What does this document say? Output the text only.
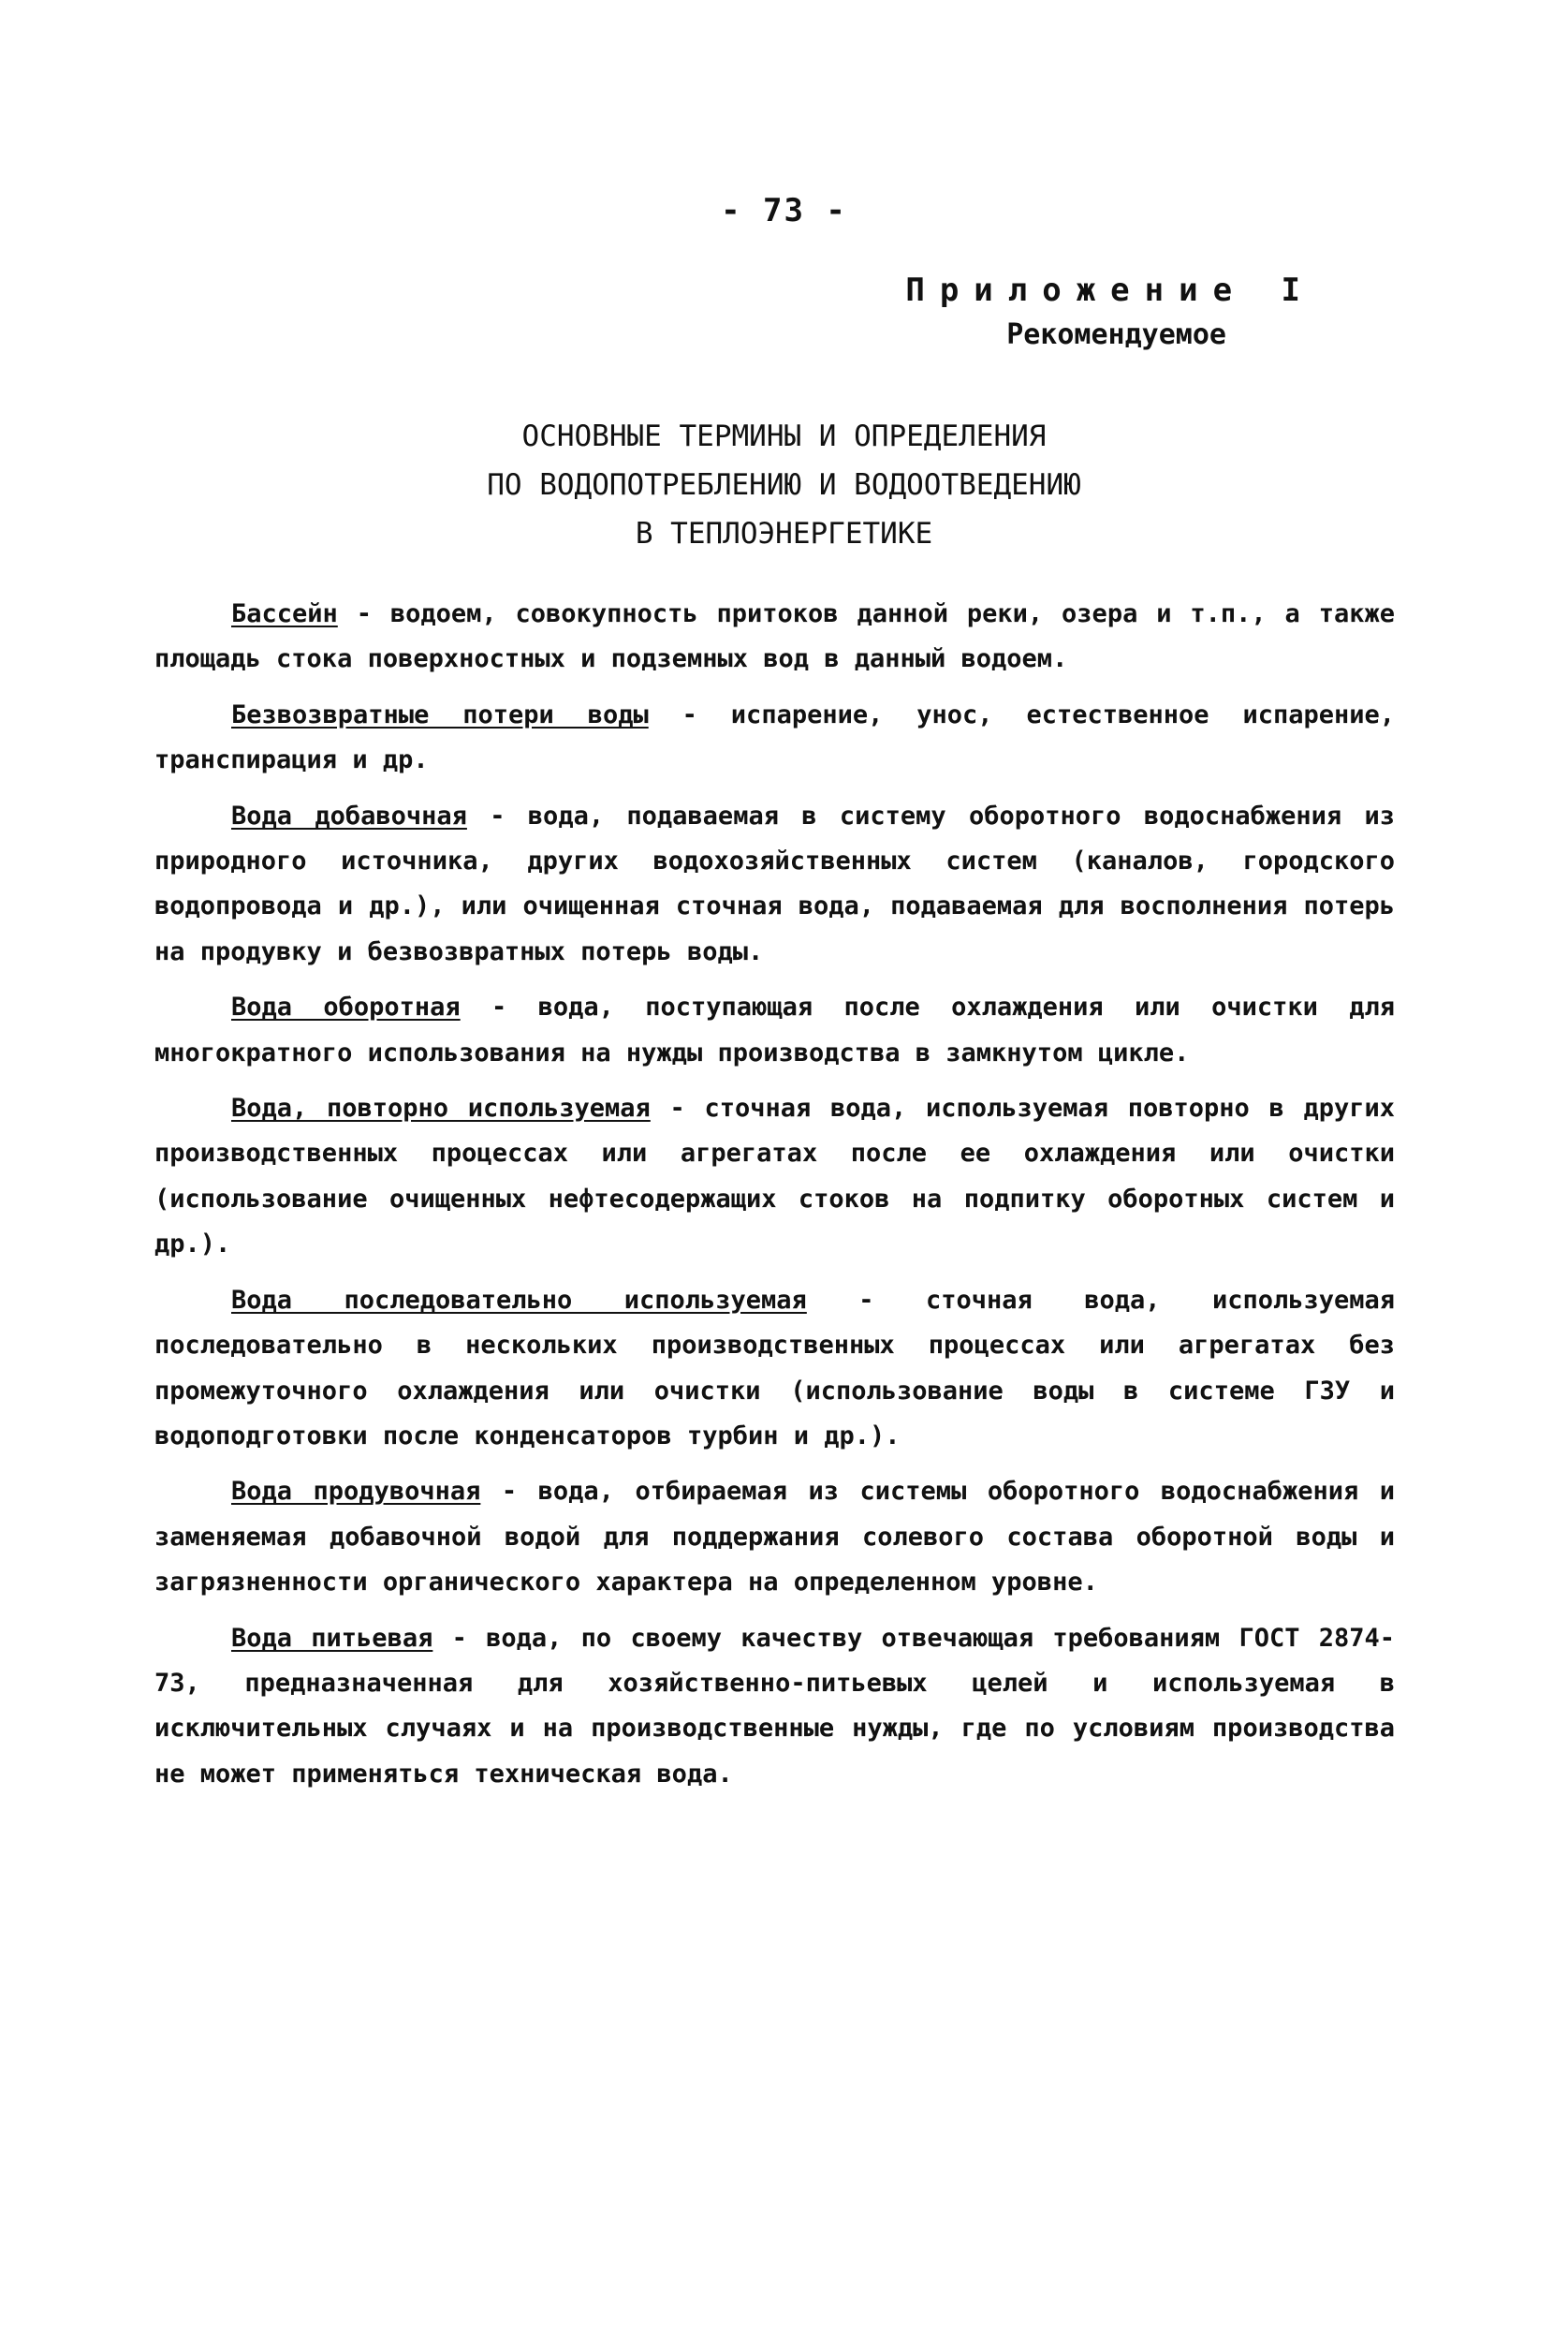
- 73 -
Приложение I
Рекомендуемое
ОСНОВНЫЕ ТЕРМИНЫ И ОПРЕДЕЛЕНИЯ
ПО ВОДОПОТРЕБЛЕНИЮ И ВОДООТВЕДЕНИЮ
В ТЕПЛОЭНЕРГЕТИКЕ

Бассейн - водоем, совокупность притоков данной реки, озера и т.п., а также площадь стока поверхностных и подземных вод в данный водоем.

Безвозвратные потери воды - испарение, унос, естественное испарение, транспирация и др.

Вода добавочная - вода, подаваемая в систему оборотного водоснабжения из природного источника, других водохозяйственных систем (каналов, городского водопровода и др.), или очищенная сточная вода, подаваемая для восполнения потерь на продувку и безвозвратных потерь воды.

Вода оборотная - вода, поступающая после охлаждения или очистки для многократного использования на нужды производства в замкнутом цикле.

Вода, повторно используемая - сточная вода, используемая повторно в других производственных процессах или агрегатах после ее охлаждения или очистки (использование очищенных нефтесодержащих стоков на подпитку оборотных систем и др.).

Вода последовательно используемая - сточная вода, используемая последовательно в нескольких производственных процессах или агрегатах без промежуточного охлаждения или очистки (использование воды в системе ГЗУ и водоподготовки после конденсаторов турбин и др.).

Вода продувочная - вода, отбираемая из системы оборотного водоснабжения и заменяемая добавочной водой для поддержания солевого состава оборотной воды и загрязненности органического характера на определенном уровне.

Вода питьевая - вода, по своему качеству отвечающая требованиям ГОСТ 2874-73, предназначенная для хозяйственно-питьевых целей и используемая в исключительных случаях и на производственные нужды, где по условиям производства не может применяться техническая вода.
